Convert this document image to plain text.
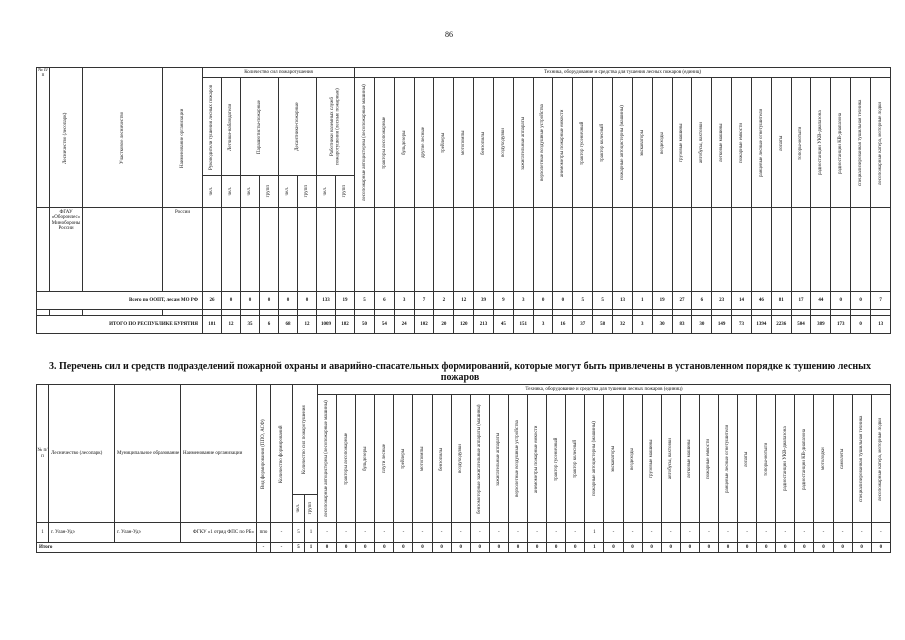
86
№ п/п	Лесничество (лесопарк)	Участковое лесничество	Наименование организации	Количество сил пожаротушения								Техника, оборудование и средства для тушения лесных пожаров (единиц)																										

				Руководители тушения лесных пожаров	Летчики-наблюдатели	Парашютисты-пожарные		Десантники-пожарные		Работники наземных служб пожаротушения (лесные пожарные)		лесопожарные автоцистерны (лесопожарные машины)	тракторы лесопожарные	бульдозеры	другие лесные	трейлеры	мотопомпы	бензопилы	воздуходувки	зажигательные аппараты	верхолетные воздушные устройства	анемометры пожарные емкости	трактор гусеничный	трактор колесный	пожарные автоцистерны (машины)	экскаваторы	вездеходы	грузовые машины	автобусы, вахтовки	легковые машины	пожарные емкости	ранцевые лесные огнетушители	лопаты	топоры-мотыги	радиостанции УКВ-диапазона	радиостанции КВ-диапазона	специализированная тушильная техника	лесопожарные катера, моторные лодки

				чел.	чел.	чел.	групп	чел.	групп	чел.	групп																											

	ФГАУ «Оборонлес» Минобороны России		России																																			
Всего по ООПТ, лесам МО РФ				26	0	0	0	0	0	133	19	5	6	3	7	2	12	39	9	3	0	0	5	5	13	1	19	27	6	23	14	46	81	17	44	0	0	7

ИТОГО ПО РЕСПУБЛИКЕ БУРЯТИЯ				181	12	35	6	68	12	1009	182	50	54	24	102	20	120	213	45	151	3	16	37	58	32	3	30	83	30	149	73	1394	2236	504	389	173	0	13
3. Перечень сил и средств подразделений пожарной охраны и аварийно-спасательных формирований, которые могут быть привлечены в установленном порядке к тушению лесных пожаров
№ п/п	Лесничество (лесопарк)	Муниципальное образование	Наименование организации	Вид формирования (ППО, АСФ)	Количество формирований	Количество сил пожаротушения		Техника, оборудование и средства для тушения лесных пожаров (единиц)																													

								лесопожарные автоцистерны (лесопожарные машины)	тракторы лесопожарные	бульдозеры	плуги лесные	трейлеры	мотопомпы	бензопилы	воздуходувки	бензомоторные зажигательные аппараты (машины)	зажигательные аппараты	верхолетные воздушные устройства	анемометры пожарные емкости	трактор гусеничный	трактор колесный	пожарные автоцистерны (машины)	экскаваторы	вездеходы	грузовые машины	автобусы, вахтовки	легковые машины	пожарные емкости	ранцевые лесные огнетушители	лопаты	топоры-мотыги	радиостанции УКВ-диапазона	радиостанции КВ-диапазона	мотолодки	самолеты	специализированная тушильная техника	лесопожарные катера, моторные лодки

						чел.	групп																														

1	г. Улан-Удэ	г. Улан-Удэ	ФГКУ «1 отряд ФПС по РБ»	ппо	-	5	1	-	-	-	-	-	-	-	-	-	-	-	-	-	-	1	-	-	-	-	-	-	-	-	-	-	-	-	-	-	-
Итого				-	-	5	1	0	0	0	0	0	0	0	0	0	0	0	0	0	0	1	0	0	0	0	0	0	0	0	0	0	0	0	0	0	0
